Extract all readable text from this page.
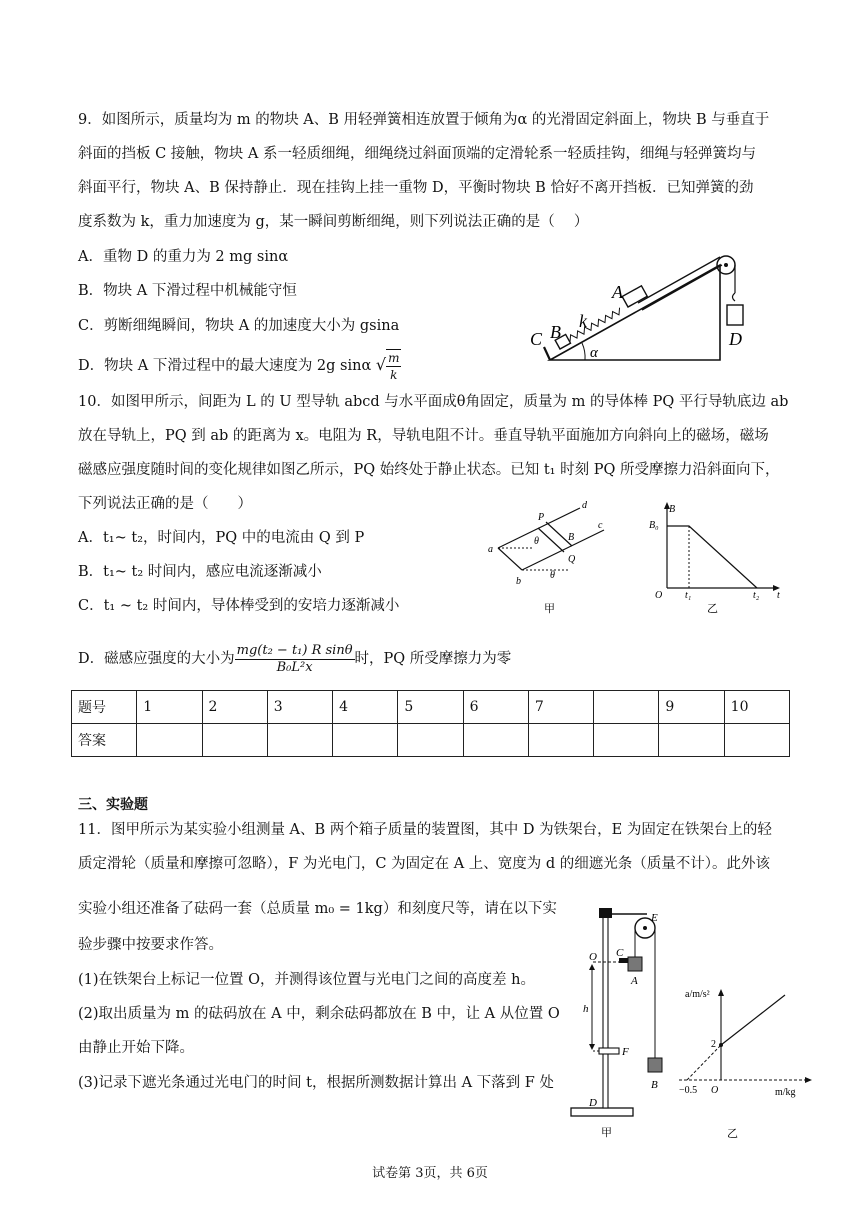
9．如图所示，质量均为 m 的物块 A、B 用轻弹簧相连放置于倾角为α 的光滑固定斜面上，物块 B 与垂直于
斜面的挡板 C 接触，物块 A 系一轻质细绳，细绳绕过斜面顶端的定滑轮系一轻质挂钩，细绳与轻弹簧均与
斜面平行，物块 A、B 保持静止．现在挂钩上挂一重物 D，平衡时物块 B 恰好不离开挡板．已知弹簧的劲
度系数为 k，重力加速度为 g，某一瞬间剪断细绳，则下列说法正确的是（　 ）
A．重物 D 的重力为 2 mg sinα
B．物块 A 下滑过程中机械能守恒
C．剪断细绳瞬间，物块 A 的加速度大小为 gsina
D．物块 A 下滑过程中的最大速度为 2g sinα √ $\frac{m}{k}$
C B
k
A
D
α
10．如图甲所示，间距为 L 的 U 型导轨 abcd 与水平面成θ角固定，质量为 m 的导体棒 PQ 平行导轨底边 ab
放在导轨上，PQ 到 ab 的距离为 x。电阻为 R，导轨电阻不计。垂直导轨平面施加方向斜向上的磁场，磁场
磁感应强度随时间的变化规律如图乙所示，PQ 始终处于静止状态。已知 t₁ 时刻 PQ 所受摩擦力沿斜面向下，
下列说法正确的是（　　）
A．t₁~ t₂，时间内，PQ 中的电流由 Q 到 P
B．t₁~ t₂ 时间内，感应电流逐渐减小
C．t₁ ~ t₂ 时间内，导体棒受到的安培力逐渐减小
D．磁感应强度的大小为 $\frac{\text{mg(t₂ − t₁) R sinθ}}{\text{B₀L²x}}$ 时，PQ 所受摩擦力为零
a
b
c
d
P
Q
B
θ
θ
甲
B
B₀
O t₁	t₂ t
乙
题号	1	2	3	4	5	6	7		9	10
答案										
三、实验题
11．图甲所示为某实验小组测量 A、B 两个箱子质量的装置图，其中 D 为铁架台，E 为固定在铁架台上的轻
质定滑轮（质量和摩擦可忽略），F 为光电门，C 为固定在 A 上、宽度为 d 的细遮光条（质量不计）。此外该
实验小组还准备了砝码一套（总质量 m₀ = 1kg）和刻度尺等，请在以下实
验步骤中按要求作答。
(1)在铁架台上标记一位置 O，并测得该位置与光电门之间的高度差 h。
(2)取出质量为 m 的砝码放在 A 中，剩余砝码都放在 B 中，让 A 从位置 O
由静止开始下降。
(3)记录下遮光条通过光电门的时间 t，根据所测数据计算出 A 下落到 F 处
O C
E
A
h
F
B
D
甲
a/m/s²
m/kg
O
−0.5
2
乙
试卷第 3页，共 6页
